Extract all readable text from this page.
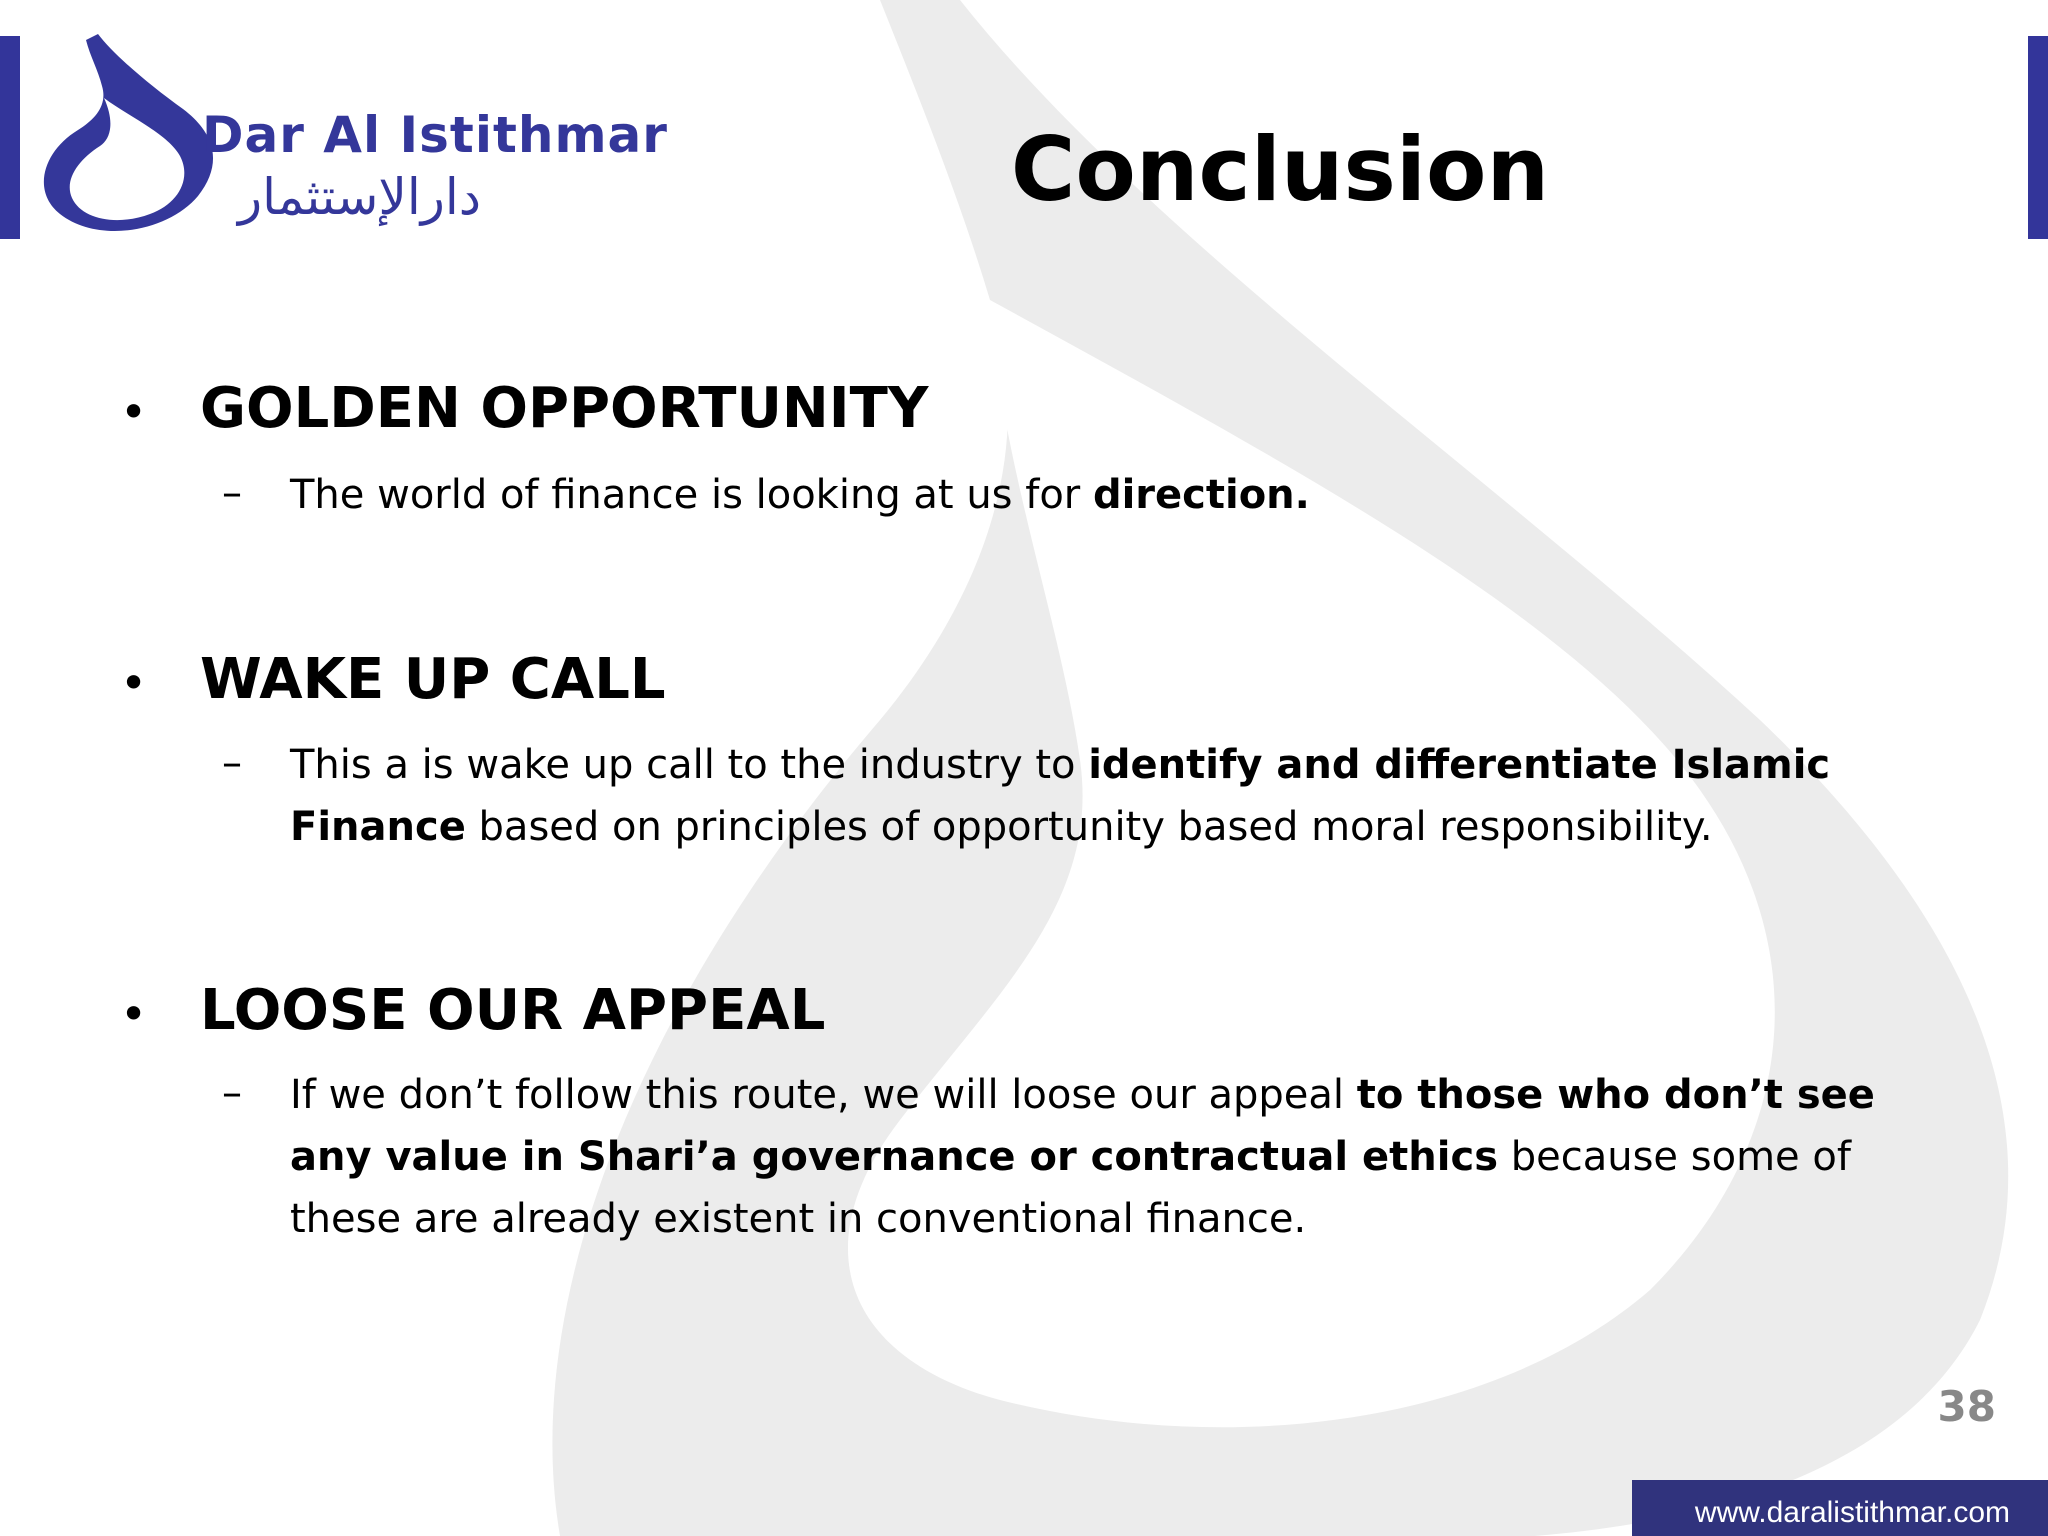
Dar Al Istithmar
دارالإستثمار	Conclusion
• GOLDEN OPPORTUNITY
– The world of finance is looking at us for direction.
• WAKE UP CALL
– This a is wake up call to the industry to identify and differentiate Islamic Finance based on principles of opportunity based moral responsibility.
• LOOSE OUR APPEAL
– If we don’t follow this route, we will loose our appeal to those who don’t see any value in Shari’a governance or contractual ethics because some of these are already existent in conventional finance.
38
www.daralistithmar.com
